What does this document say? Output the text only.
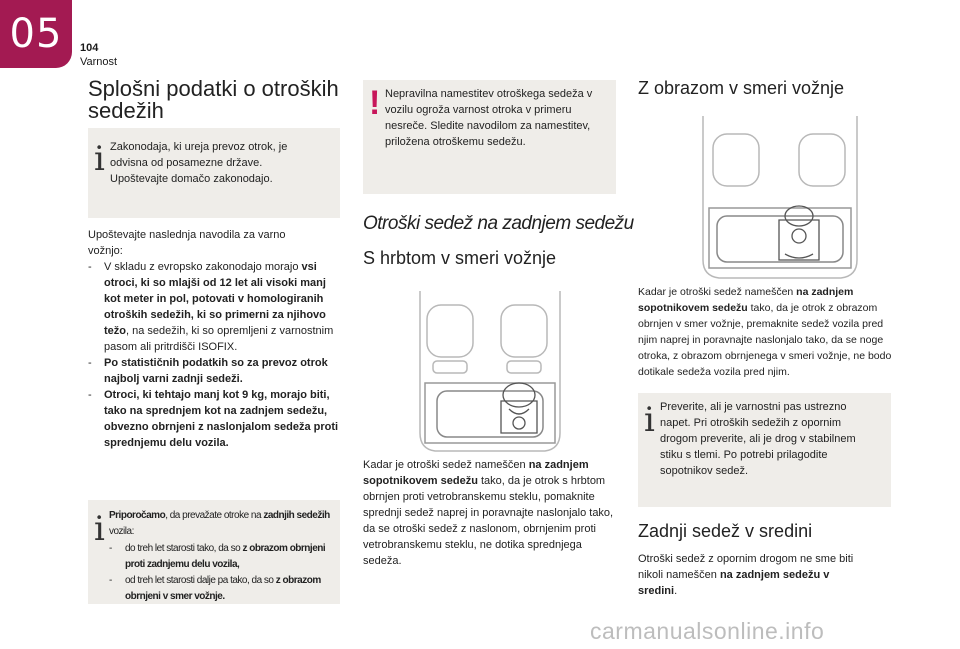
05	104
Varnost
Splošni podatki o otroških sedežih
i Zakonodaja, ki ureja prevoz otrok, je odvisna od posamezne države. Upoštevajte domačo zakonodajo.
Upoštevajte naslednja navodila za varno vožnjo:
- V skladu z evropsko zakonodajo morajo vsi otroci, ki so mlajši od 12 let ali visoki manj kot meter in pol, potovati v homologiranih otroških sedežih, ki so primerni za njihovo težo, na sedežih, ki so opremljeni z varnostnim pasom ali pritrdišči ISOFIX.
- Po statističnih podatkih so za prevoz otrok najbolj varni zadnji sedeži.
- Otroci, ki tehtajo manj kot 9 kg, morajo biti, tako na sprednjem kot na zadnjem sedežu, obvezno obrnjeni z naslonjalom sedeža proti sprednjemu delu vozila.
i Priporočamo, da prevažate otroke na zadnjih sedežih vozila:
- do treh let starosti tako, da so z obrazom obrnjeni proti zadnjemu delu vozila,
- od treh let starosti dalje pa tako, da so z obrazom obrnjeni v smer vožnje.
! Nepravilna namestitev otroškega sedeža v vozilu ogroža varnost otroka v primeru nesreče. Sledite navodilom za namestitev, priložena otroškemu sedežu.
Otroški sedež na zadnjem sedežu
S hrbtom v smeri vožnje
Kadar je otroški sedež nameščen na zadnjem sopotnikovem sedežu tako, da je otrok s hrbtom obrnjen proti vetrobranskemu steklu, pomaknite sprednji sedež naprej in poravnajte naslonjalo tako, da se otroški sedež z naslonom, obrnjenim proti vetrobranskemu steklu, ne dotika sprednjega sedeža.
Z obrazom v smeri vožnje
Kadar je otroški sedež nameščen na zadnjem sopotnikovem sedežu tako, da je otrok z obrazom obrnjen v smer vožnje, premaknite sedež vozila pred njim naprej in poravnajte naslonjalo tako, da se noge otroka, z obrazom obrnjenega v smeri vožnje, ne bodo dotikale sedeža vozila pred njim.
i Preverite, ali je varnostni pas ustrezno napet. Pri otroških sedežih z opornim drogom preverite, ali je drog v stabilnem stiku s tlemi. Po potrebi prilagodite sopotnikov sedež.
Zadnji sedež v sredini
Otroški sedež z opornim drogom ne sme biti nikoli nameščen na zadnjem sedežu v sredini.
carmanualsonline.info
